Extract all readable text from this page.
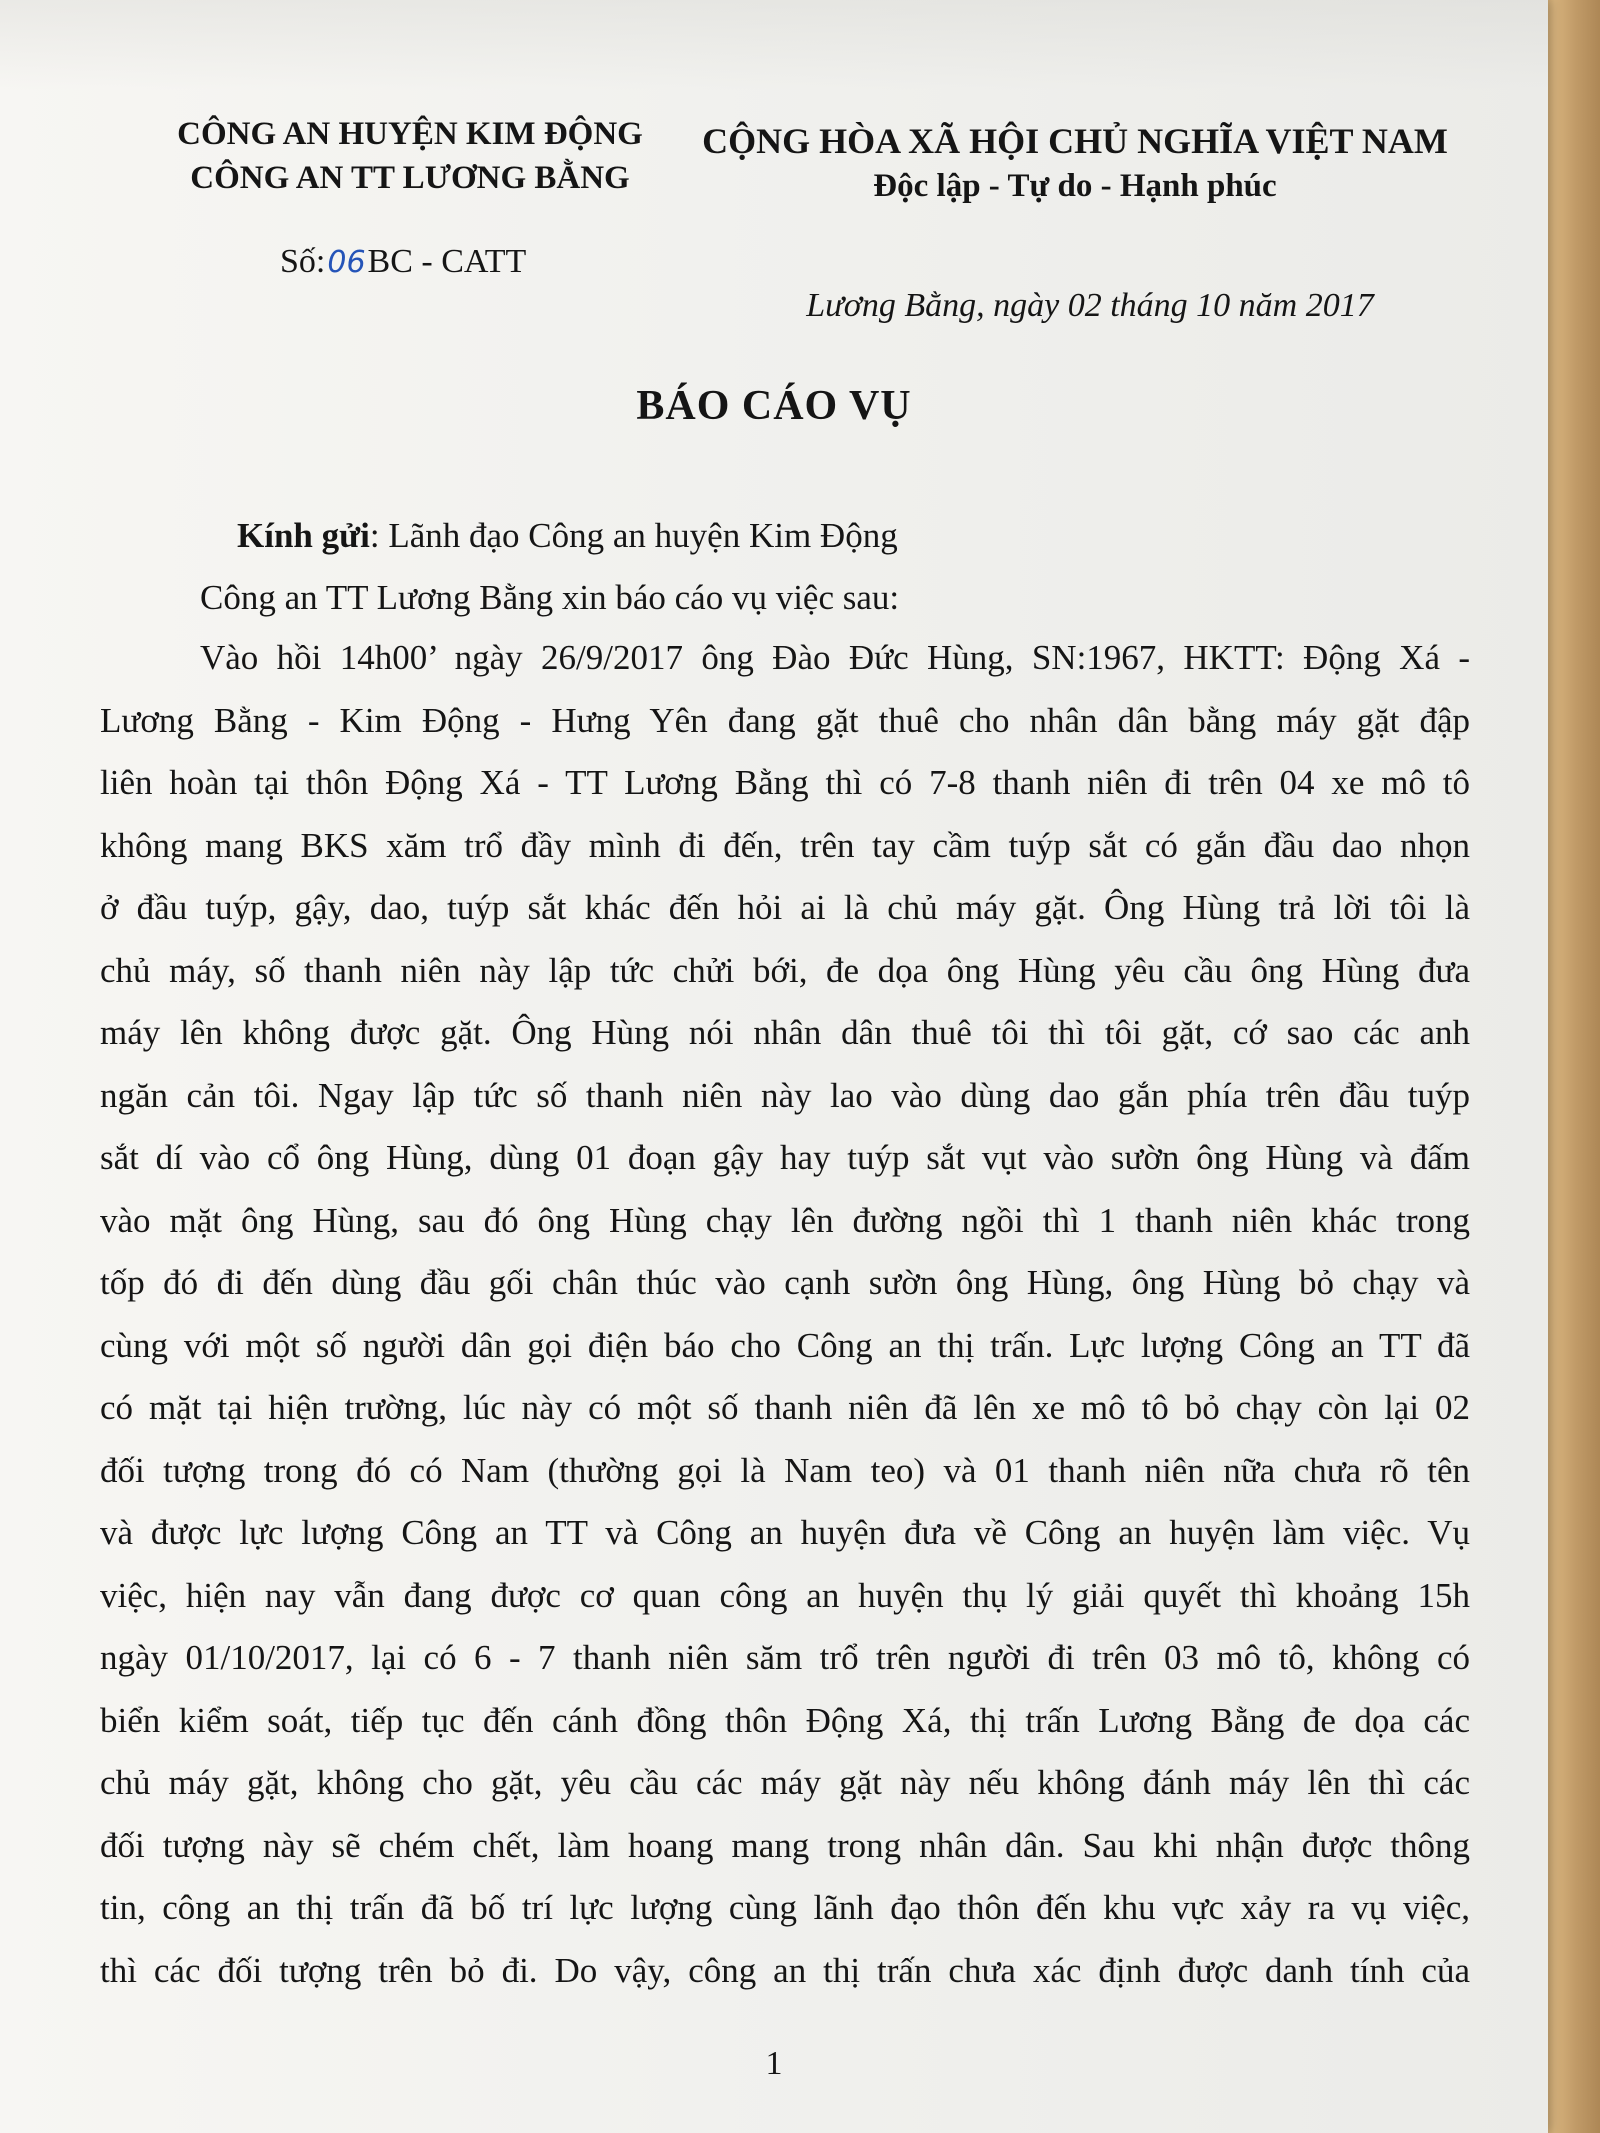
CÔNG AN HUYỆN KIM ĐỘNG
CÔNG AN TT LƯƠNG BẰNG
CỘNG HÒA XÃ HỘI CHỦ NGHĨA VIỆT NAM
Độc lập - Tự do - Hạnh phúc
Số:06BC - CATT
Lương Bằng, ngày 02 tháng 10 năm 2017
BÁO CÁO VỤ
Kính gửi: Lãnh đạo Công an huyện Kim Động
Công an TT Lương Bằng xin báo cáo vụ việc sau:
Vào hồi 14h00’ ngày 26/9/2017 ông Đào Đức Hùng, SN:1967, HKTT: Động Xá -
Lương Bằng - Kim Động - Hưng Yên đang gặt thuê cho nhân dân bằng máy gặt đập
liên hoàn tại thôn Động Xá - TT Lương Bằng thì có 7-8 thanh niên đi trên 04 xe mô tô
không mang BKS xăm trổ đầy mình đi đến, trên tay cầm tuýp sắt có gắn đầu dao nhọn
ở đầu tuýp, gậy, dao, tuýp sắt khác đến hỏi ai là chủ máy gặt. Ông Hùng trả lời tôi là
chủ máy, số thanh niên này lập tức chửi bới, đe dọa ông Hùng yêu cầu ông Hùng đưa
máy lên không được gặt. Ông Hùng nói nhân dân thuê tôi thì tôi gặt, cớ sao các anh
ngăn cản tôi. Ngay lập tức số thanh niên này lao vào dùng dao gắn phía trên đầu tuýp
sắt dí vào cổ ông Hùng, dùng 01 đoạn gậy hay tuýp sắt vụt vào sườn ông Hùng và đấm
vào mặt ông Hùng, sau đó ông Hùng chạy lên đường ngồi thì 1 thanh niên khác trong
tốp đó đi đến dùng đầu gối chân thúc vào cạnh sườn ông Hùng, ông Hùng bỏ chạy và
cùng với một số người dân gọi điện báo cho Công an thị trấn. Lực lượng Công an TT đã
có mặt tại hiện trường, lúc này có một số thanh niên đã lên xe mô tô bỏ chạy còn lại 02
đối tượng trong đó có Nam (thường gọi là Nam teo) và 01 thanh niên nữa chưa rõ tên
và được lực lượng Công an TT và Công an huyện đưa về Công an huyện làm việc. Vụ
việc, hiện nay vẫn đang được cơ quan công an huyện thụ lý giải quyết thì khoảng 15h
ngày 01/10/2017, lại có 6 - 7 thanh niên săm trổ trên người đi trên 03 mô tô, không có
biển kiểm soát, tiếp tục đến cánh đồng thôn Động Xá, thị trấn Lương Bằng đe dọa các
chủ máy gặt, không cho gặt, yêu cầu các máy gặt này nếu không đánh máy lên thì các
đối tượng này sẽ chém chết, làm hoang mang trong nhân dân. Sau khi nhận được thông
tin, công an thị trấn đã bố trí lực lượng cùng lãnh đạo thôn đến khu vực xảy ra vụ việc,
thì các đối tượng trên bỏ đi. Do vậy, công an thị trấn chưa xác định được danh tính của
1
